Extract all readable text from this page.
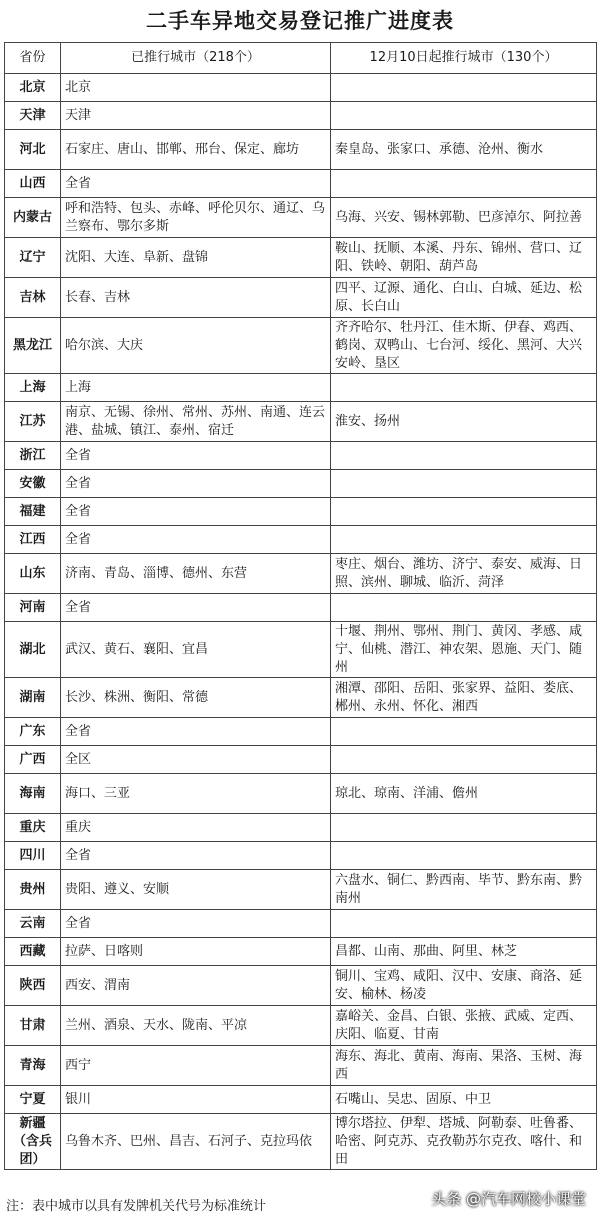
二手车异地交易登记推广进度表
省份	已推行城市（218个）	12月10日起推行城市（130个）
北京	北京	
天津	天津	
河北	石家庄、唐山、邯郸、邢台、保定、廊坊	秦皇岛、张家口、承德、沧州、衡水
山西	全省	
内蒙古	呼和浩特、包头、赤峰、呼伦贝尔、通辽、乌兰察布、鄂尔多斯	乌海、兴安、锡林郭勒、巴彦淖尔、阿拉善
辽宁	沈阳、大连、阜新、盘锦	鞍山、抚顺、本溪、丹东、锦州、营口、辽阳、铁岭、朝阳、葫芦岛
吉林	长春、吉林	四平、辽源、通化、白山、白城、延边、松原、长白山
黑龙江	哈尔滨、大庆	齐齐哈尔、牡丹江、佳木斯、伊春、鸡西、鹤岗、双鸭山、七台河、绥化、黑河、大兴安岭、垦区
上海	上海	
江苏	南京、无锡、徐州、常州、苏州、南通、连云港、盐城、镇江、泰州、宿迁	淮安、扬州
浙江	全省	
安徽	全省	
福建	全省	
江西	全省	
山东	济南、青岛、淄博、德州、东营	枣庄、烟台、潍坊、济宁、泰安、威海、日照、滨州、聊城、临沂、菏泽
河南	全省	
湖北	武汉、黄石、襄阳、宜昌	十堰、荆州、鄂州、荆门、黄冈、孝感、咸宁、仙桃、潜江、神农架、恩施、天门、随州
湖南	长沙、株洲、衡阳、常德	湘潭、邵阳、岳阳、张家界、益阳、娄底、郴州、永州、怀化、湘西
广东	全省	
广西	全区	
海南	海口、三亚	琼北、琼南、洋浦、儋州
重庆	重庆	
四川	全省	
贵州	贵阳、遵义、安顺	六盘水、铜仁、黔西南、毕节、黔东南、黔南州
云南	全省	
西藏	拉萨、日喀则	昌都、山南、那曲、阿里、林芝
陕西	西安、渭南	铜川、宝鸡、咸阳、汉中、安康、商洛、延安、榆林、杨凌
甘肃	兰州、酒泉、天水、陇南、平凉	嘉峪关、金昌、白银、张掖、武威、定西、庆阳、临夏、甘南
青海	西宁	海东、海北、黄南、海南、果洛、玉树、海西
宁夏	银川	石嘴山、吴忠、固原、中卫
新疆（含兵团）	乌鲁木齐、巴州、昌吉、石河子、克拉玛依	博尔塔拉、伊犁、塔城、阿勒泰、吐鲁番、哈密、阿克苏、克孜勒苏尔克孜、喀什、和田
注：表中城市以具有发牌机关代号为标准统计	头条 @汽车网校小课堂
